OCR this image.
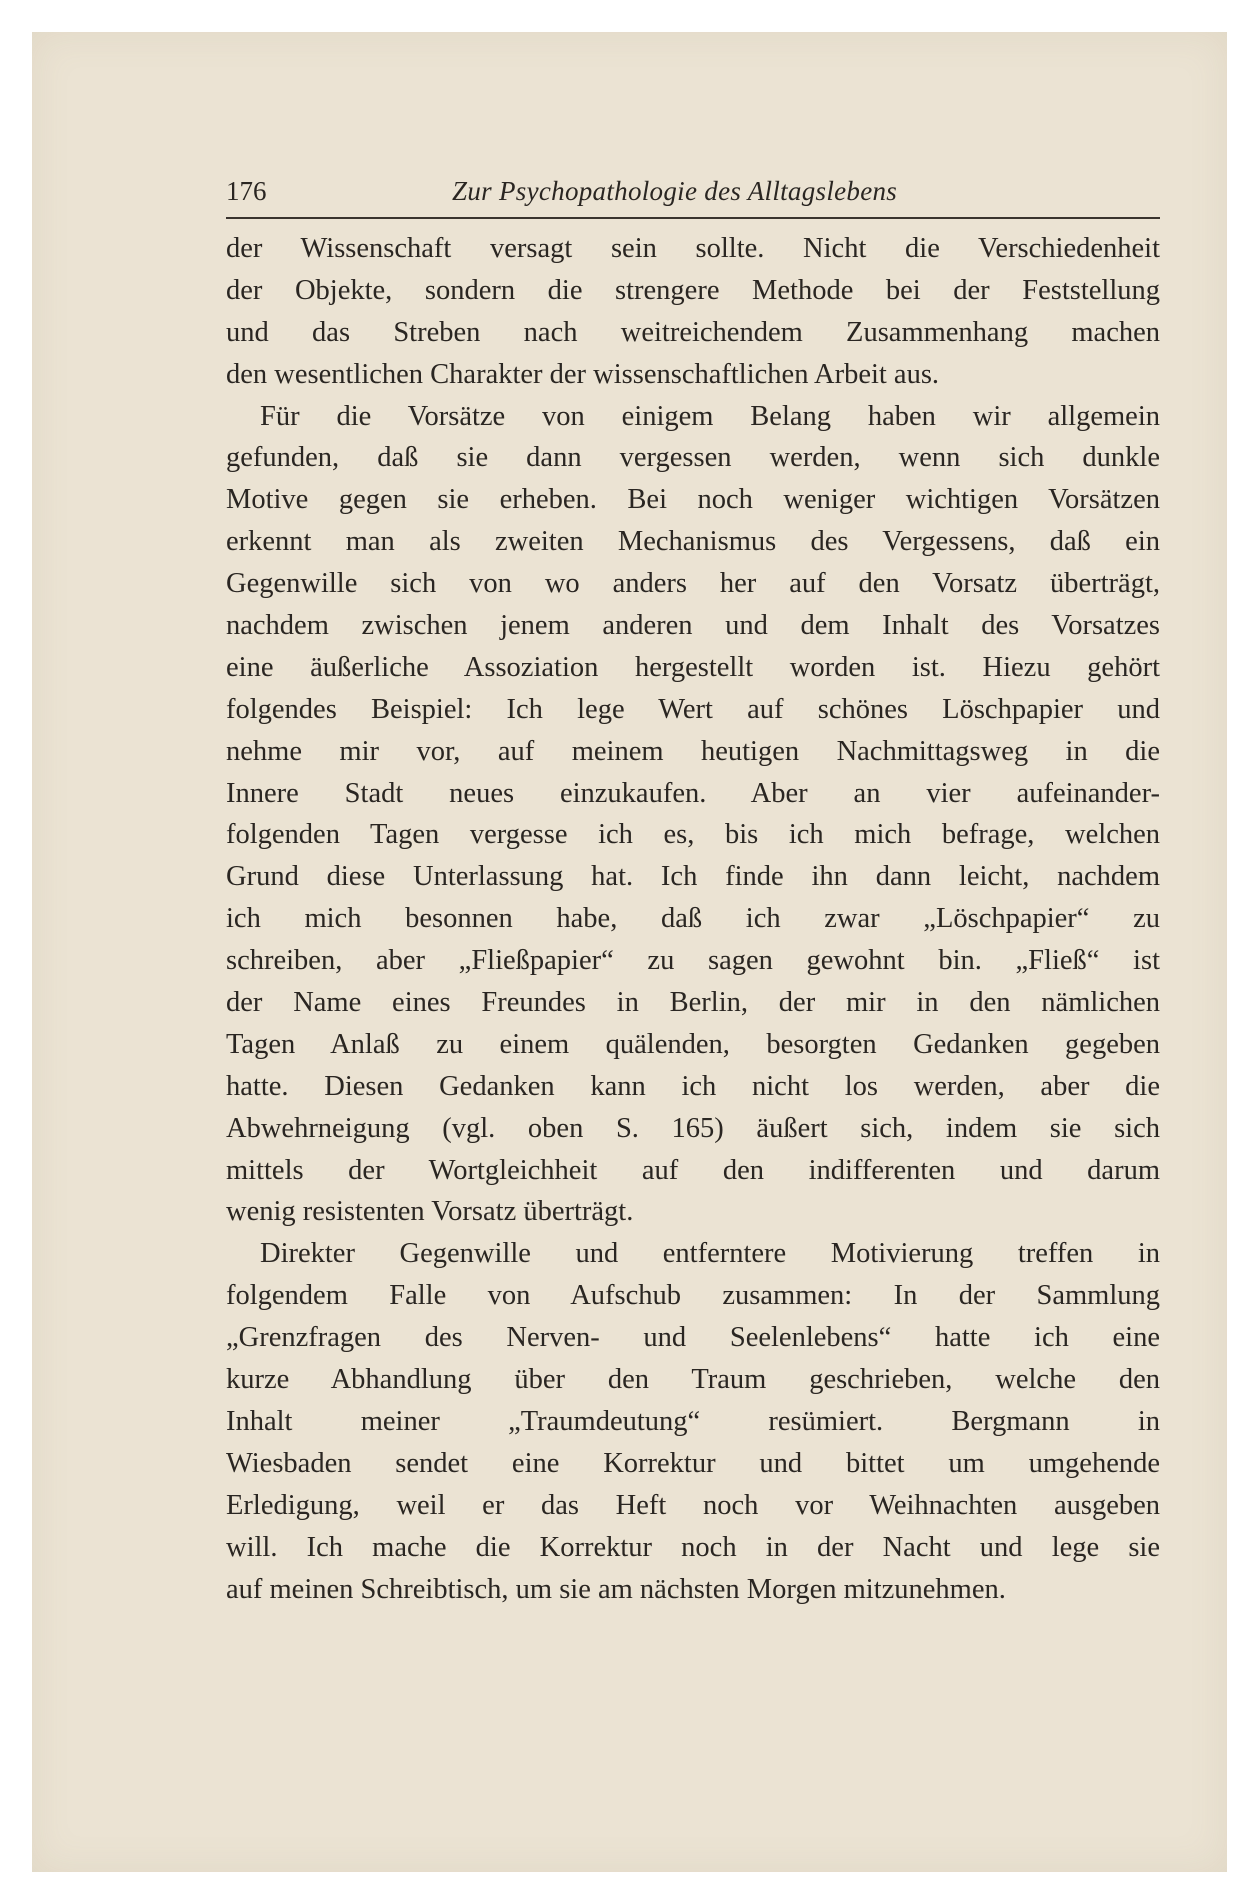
176	Zur Psychopathologie des Alltagslebens
der Wissenschaft versagt sein sollte. Nicht die Verschiedenheit
der Objekte, sondern die strengere Methode bei der Feststellung
und das Streben nach weitreichendem Zusammenhang machen
den wesentlichen Charakter der wissenschaftlichen Arbeit aus.
Für die Vorsätze von einigem Belang haben wir allgemein
gefunden, daß sie dann vergessen werden, wenn sich dunkle
Motive gegen sie erheben. Bei noch weniger wichtigen Vorsätzen
erkennt man als zweiten Mechanismus des Vergessens, daß ein
Gegenwille sich von wo anders her auf den Vorsatz überträgt,
nachdem zwischen jenem anderen und dem Inhalt des Vorsatzes
eine äußerliche Assoziation hergestellt worden ist. Hiezu gehört
folgendes Beispiel: Ich lege Wert auf schönes Löschpapier und
nehme mir vor, auf meinem heutigen Nachmittagsweg in die
Innere Stadt neues einzukaufen. Aber an vier aufeinander-
folgenden Tagen vergesse ich es, bis ich mich befrage, welchen
Grund diese Unterlassung hat. Ich finde ihn dann leicht, nachdem
ich mich besonnen habe, daß ich zwar „Löschpapier“ zu
schreiben, aber „Fließpapier“ zu sagen gewohnt bin. „Fließ“ ist
der Name eines Freundes in Berlin, der mir in den nämlichen
Tagen Anlaß zu einem quälenden, besorgten Gedanken gegeben
hatte. Diesen Gedanken kann ich nicht los werden, aber die
Abwehrneigung (vgl. oben S. 165) äußert sich, indem sie sich
mittels der Wortgleichheit auf den indifferenten und darum
wenig resistenten Vorsatz überträgt.
Direkter Gegenwille und entferntere Motivierung treffen in
folgendem Falle von Aufschub zusammen: In der Sammlung
„Grenzfragen des Nerven- und Seelenlebens“ hatte ich eine
kurze Abhandlung über den Traum geschrieben, welche den
Inhalt meiner „Traumdeutung“ resümiert. Bergmann in
Wiesbaden sendet eine Korrektur und bittet um umgehende
Erledigung, weil er das Heft noch vor Weihnachten ausgeben
will. Ich mache die Korrektur noch in der Nacht und lege sie
auf meinen Schreibtisch, um sie am nächsten Morgen mitzunehmen.
